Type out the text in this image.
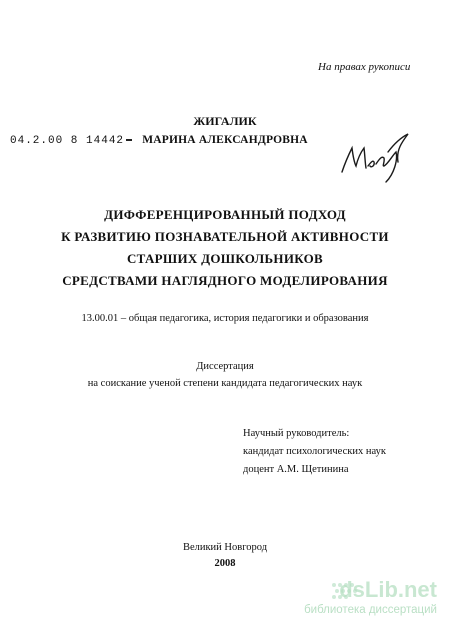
На правах рукописи
04.2.00 8 14442
ЖИГАЛИК
МАРИНА АЛЕКСАНДРОВНА
ДИФФЕРЕНЦИРОВАННЫЙ ПОДХОД
К РАЗВИТИЮ ПОЗНАВАТЕЛЬНОЙ АКТИВНОСТИ
СТАРШИХ ДОШКОЛЬНИКОВ
СРЕДСТВАМИ НАГЛЯДНОГО МОДЕЛИРОВАНИЯ
13.00.01 – общая педагогика, история педагогики и образования
Диссертация
на соискание ученой степени кандидата педагогических наук
Научный руководитель:
кандидат психологических наук
доцент А.М. Щетинина
Великий Новгород
2008
dsLib.net
библиотека диссертаций
